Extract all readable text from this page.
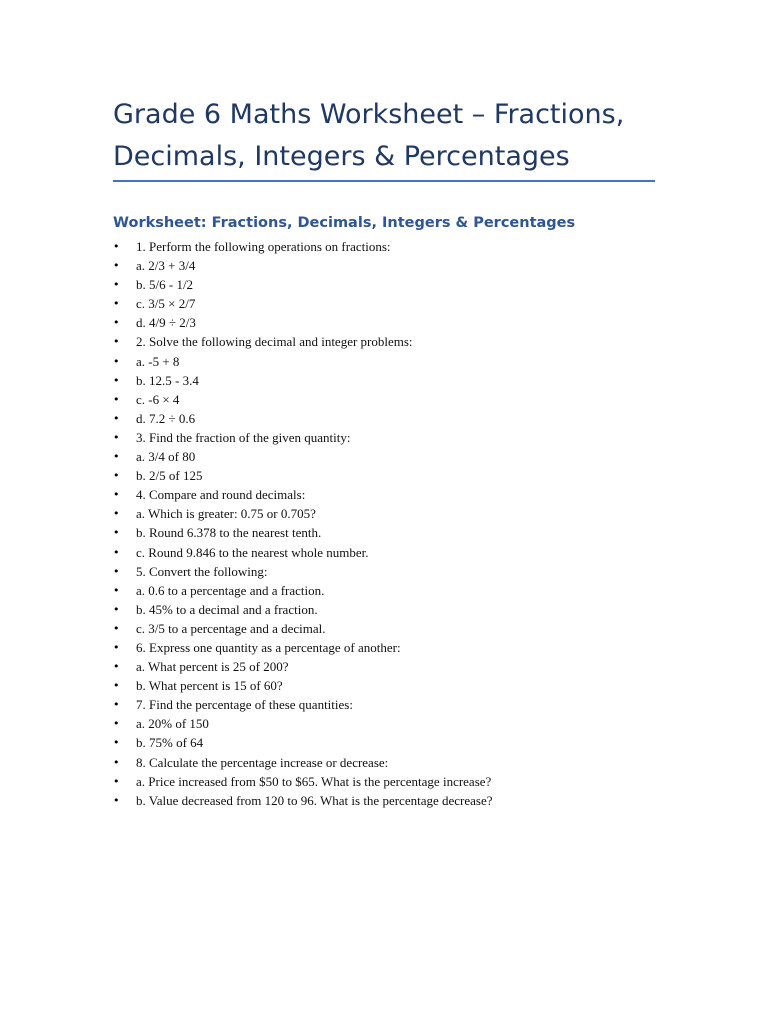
Grade 6 Maths Worksheet – Fractions, Decimals, Integers & Percentages
Worksheet: Fractions, Decimals, Integers & Percentages
• 1. Perform the following operations on fractions:
• a. 2/3 + 3/4
• b. 5/6 - 1/2
• c. 3/5 × 2/7
• d. 4/9 ÷ 2/3
• 2. Solve the following decimal and integer problems:
• a. -5 + 8
• b. 12.5 - 3.4
• c. -6 × 4
• d. 7.2 ÷ 0.6
• 3. Find the fraction of the given quantity:
• a. 3/4 of 80
• b. 2/5 of 125
• 4. Compare and round decimals:
• a. Which is greater: 0.75 or 0.705?
• b. Round 6.378 to the nearest tenth.
• c. Round 9.846 to the nearest whole number.
• 5. Convert the following:
• a. 0.6 to a percentage and a fraction.
• b. 45% to a decimal and a fraction.
• c. 3/5 to a percentage and a decimal.
• 6. Express one quantity as a percentage of another:
• a. What percent is 25 of 200?
• b. What percent is 15 of 60?
• 7. Find the percentage of these quantities:
• a. 20% of 150
• b. 75% of 64
• 8. Calculate the percentage increase or decrease:
• a. Price increased from $50 to $65. What is the percentage increase?
• b. Value decreased from 120 to 96. What is the percentage decrease?
